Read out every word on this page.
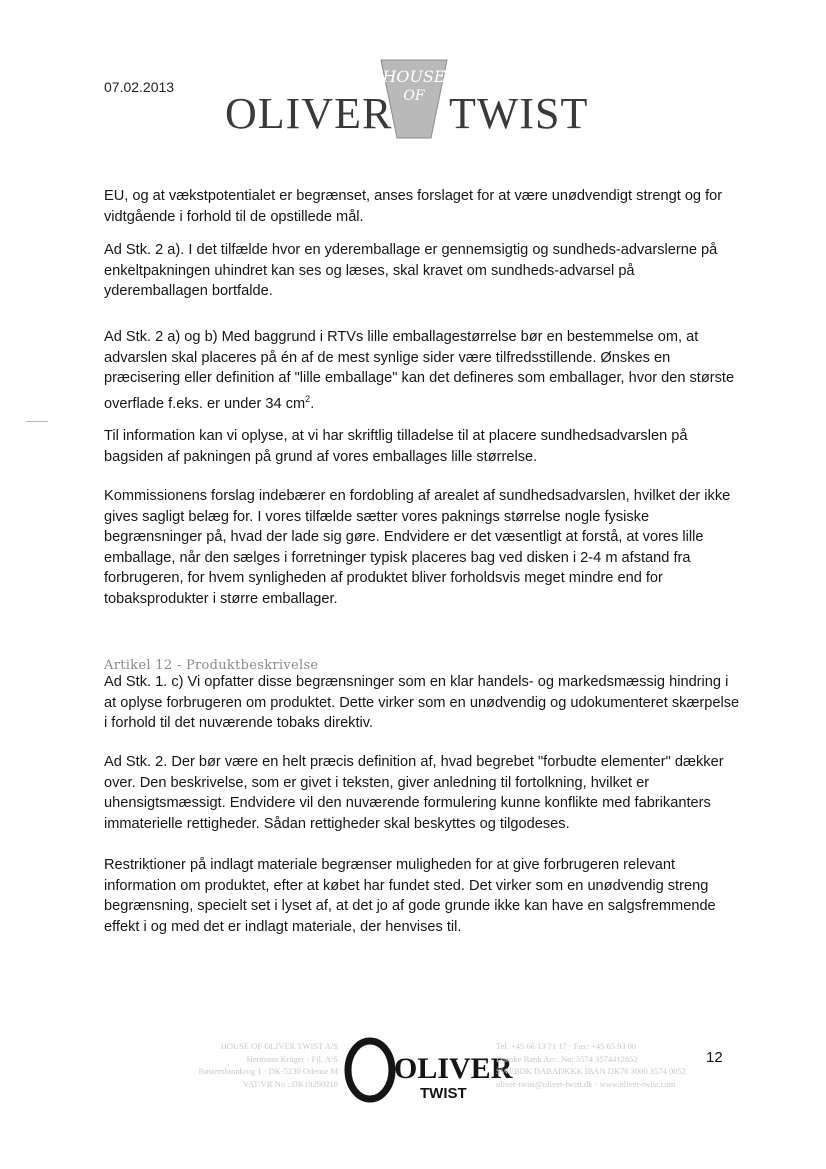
07.02.2013
OLIVER
HOUSE
OF TWIST

EU, og at vækstpotentialet er begrænset, anses forslaget for at være unødvendigt strengt og for vidtgående i forhold til de opstillede mål.

Ad Stk. 2 a). I det tilfælde hvor en yderemballage er gennemsigtig og sundheds-advarslerne på enkeltpakningen uhindret kan ses og læses, skal kravet om sundheds-advarsel på yderemballagen bortfalde.

Ad Stk. 2 a) og b) Med baggrund i RTVs lille emballagestørrelse bør en bestemmelse om, at advarslen skal placeres på én af de mest synlige sider være tilfredsstillende. Ønskes en præcisering eller definition af "lille emballage" kan det defineres som emballager, hvor den største overflade f.eks. er under 34 $cm^2$.

Til information kan vi oplyse, at vi har skriftlig tilladelse til at placere sundhedsadvarslen på bagsiden af pakningen på grund af vores emballages lille størrelse.

Kommissionens forslag indebærer en fordobling af arealet af sundhedsadvarslen, hvilket der ikke gives sagligt belæg for. I vores tilfælde sætter vores paknings størrelse nogle fysiske begrænsninger på, hvad der lade sig gøre. Endvidere er det væsentligt at forstå, at vores lille emballage, når den sælges i forretninger typisk placeres bag ved disken i 2-4 m afstand fra forbrugeren, for hvem synligheden af produktet bliver forholdsvis meget mindre end for tobaksprodukter i større emballager.

Artikel 12 - Produktbeskrivelse

Ad Stk. 1. c) Vi opfatter disse begrænsninger som en klar handels- og markedsmæssig hindring i at oplyse forbrugeren om produktet. Dette virker som en unødvendig og udokumenteret skærpelse i forhold til det nuværende tobaks direktiv.

Ad Stk. 2. Der bør være en helt præcis definition af, hvad begrebet "forbudte elementer" dækker over. Den beskrivelse, som er givet i teksten, giver anledning til fortolkning, hvilket er uhensigtsmæssigt. Endvidere vil den nuværende formulering kunne konflikte med fabrikanters immaterielle rettigheder. Sådan rettigheder skal beskyttes og tilgodeses.

Restriktioner på indlagt materiale begrænser muligheden for at give forbrugeren relevant information om produktet, efter at købet har fundet sted. Det virker som en unødvendig streng begrænsning, specielt set i lyset af, at det jo af gode grunde ikke kan have en salgsfremmende effekt i og med det er indlagt materiale, der henvises til.

HOUSE OF OLIVER TWIST A/S
Hermann Krüger - Fil. A/S
Bøstembinnkrog 1 · DK-5230 Odense M
VAT/VR No : DK19290218 OLIVER
TWIST
Tel. +45 66 13 71 17 · Fax: +45 65 93 00
Danske Bank Acc. No: 3574 3574412852
SWEBDK DABADKKK IBAN DK76 3000 3574 0052
oliver-twist@oliver-twist.dk · www.oliver-twist.com
12
